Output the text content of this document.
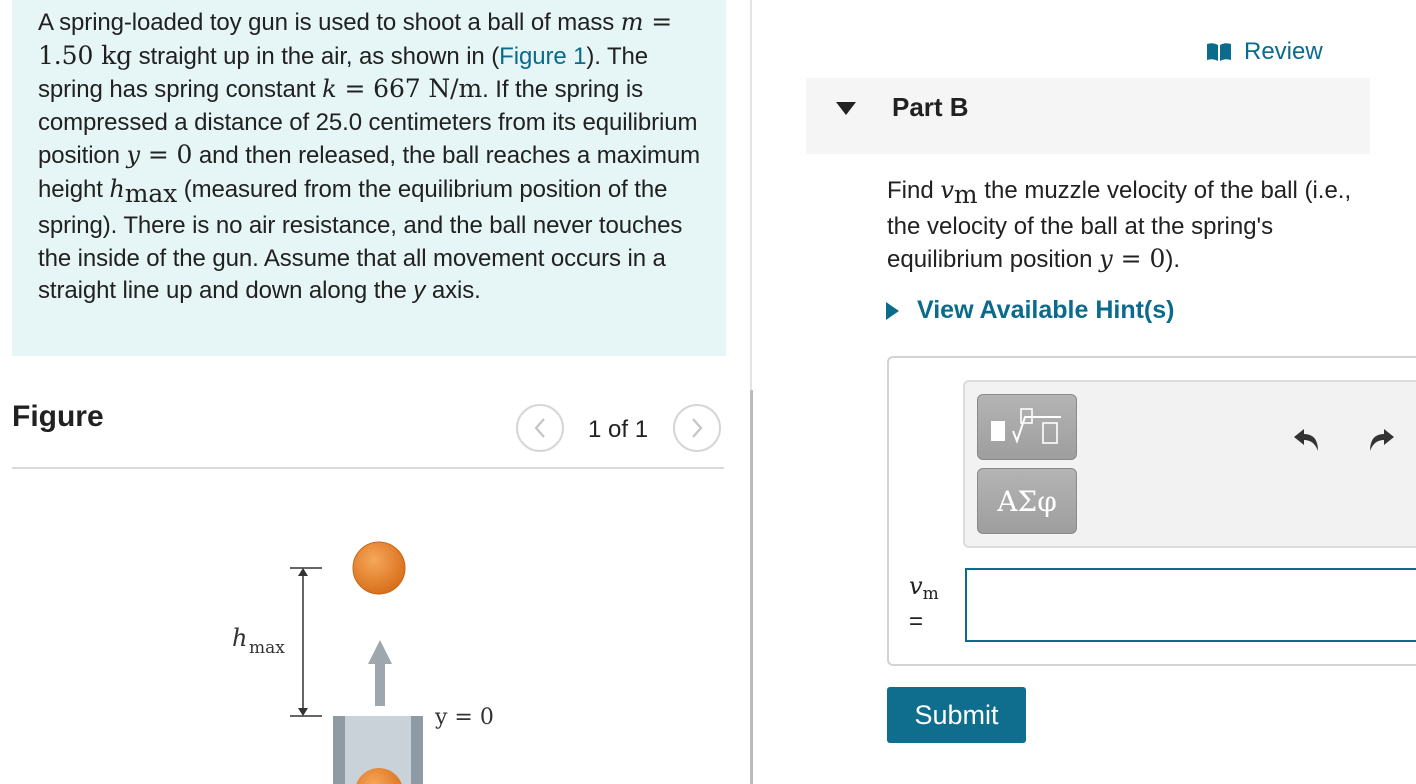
A spring-loaded toy gun is used to shoot a ball of mass m = 1.50 kg straight up in the air, as shown in (Figure 1). The spring has spring constant k = 667 N/m. If the spring is compressed a distance of 25.0 centimeters from its equilibrium position y = 0 and then released, the ball reaches a maximum height $h_{max}$ (measured from the equilibrium position of the spring). There is no air resistance, and the ball never touches the inside of the gun. Assume that all movement occurs in a straight line up and down along the y axis.

Figure	1 of 1
h max
y = 0
Review
Part B

Find $v_m$ the muzzle velocity of the ball (i.e., the velocity of the ball at the spring's equilibrium position y = 0).

View Available Hint(s)
ΑΣφ
$v_m$
=
Submit
